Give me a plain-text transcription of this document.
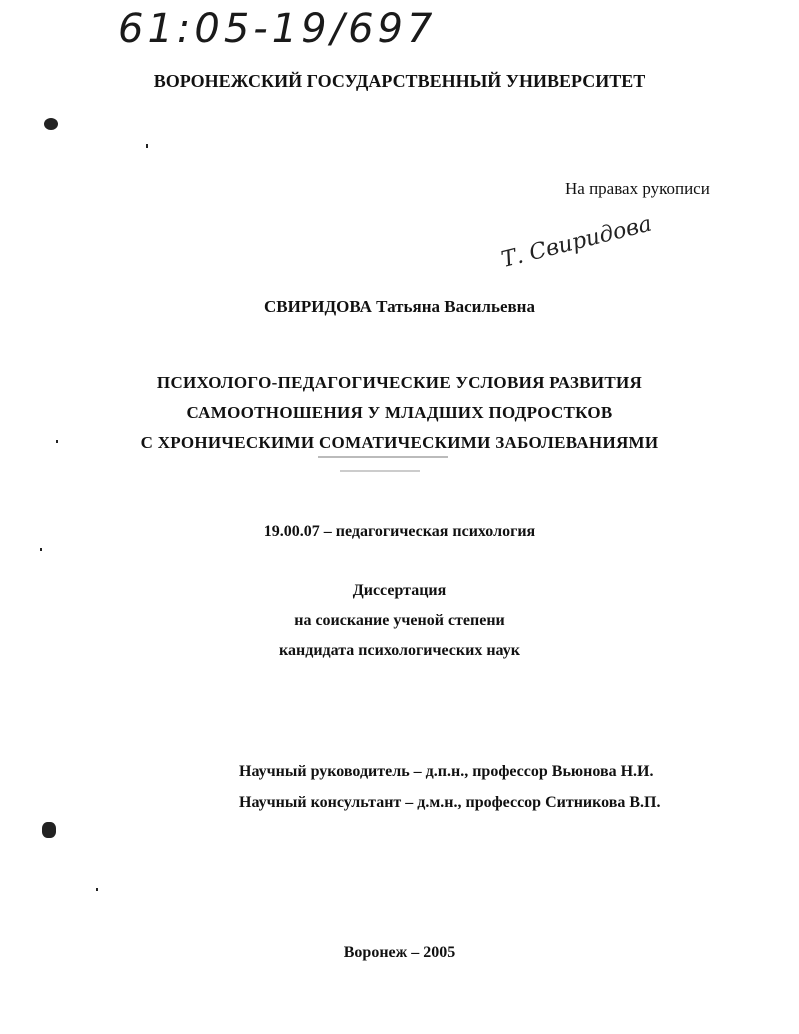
61:05-19/697
ВОРОНЕЖСКИЙ ГОСУДАРСТВЕННЫЙ УНИВЕРСИТЕТ
На правах рукописи
Т. Свиридова
СВИРИДОВА Татьяна Васильевна
ПСИХОЛОГО-ПЕДАГОГИЧЕСКИЕ УСЛОВИЯ РАЗВИТИЯ
САМООТНОШЕНИЯ У МЛАДШИХ ПОДРОСТКОВ
С ХРОНИЧЕСКИМИ СОМАТИЧЕСКИМИ ЗАБОЛЕВАНИЯМИ
19.00.07 – педагогическая психология
Диссертация
на соискание ученой степени
кандидата психологических наук
Научный руководитель – д.п.н., профессор Вьюнова Н.И.
Научный консультант – д.м.н., профессор Ситникова В.П.
Воронеж – 2005
